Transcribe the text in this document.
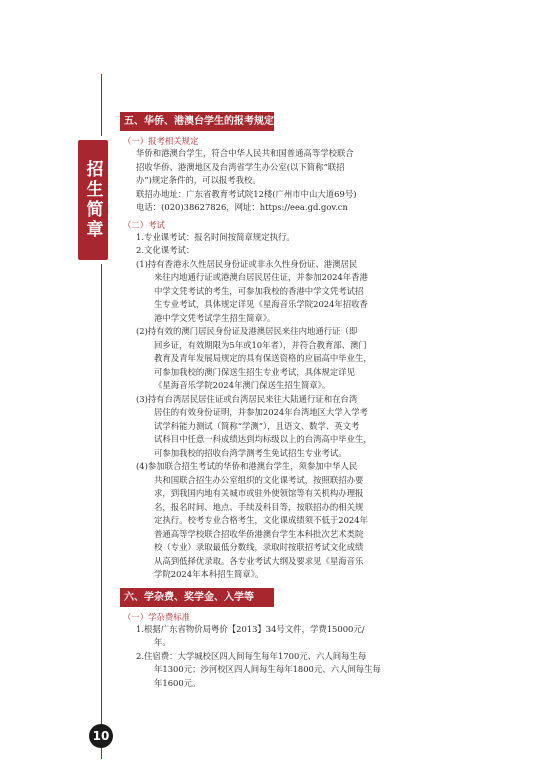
招生简章
五、华侨、港澳台学生的报考规定
（一）报考相关规定

华侨和港澳台学生，符合中华人民共和国普通高等学校联合

招收华侨、港澳地区及台湾省学生办公室(以下简称“联招

办”)规定条件的，可以报考我校。

联招办地址：广东省教育考试院12楼(广州市中山大道69号)

电话：(020)38627826，网址：https://eea.gd.gov.cn

（二）考试

1.专业课考试：报名时间按简章规定执行。

2.文化课考试：

(1)持有香港永久性居民身份证或非永久性身份证、港澳居民

来往内地通行证或港澳台居民居住证，并参加2024年香港

中学文凭考试的考生，可参加我校的香港中学文凭考试招

生专业考试，具体规定详见《星海音乐学院2024年招收香

港中学文凭考试学生招生简章》。

(2)持有效的澳门居民身份证及港澳居民来往内地通行证（即

回乡证，有效期限为5年或10年者），并符合教育部、澳门

教育及青年发展局规定的具有保送资格的应届高中毕业生，

可参加我校的澳门保送生招生专业考试，具体规定详见

《星海音乐学院2024年澳门保送生招生简章》。

(3)持有台湾居民居住证或台湾居民来往大陆通行证和在台湾

居住的有效身份证明，并参加2024年台湾地区大学入学考

试学科能力测试（简称“学测”），且语文、数学、英文考

试科目中任意一科成绩达到均标级以上的台湾高中毕业生，

可参加我校的招收台湾学测考生免试招生专业考试。

(4)参加联合招生考试的华侨和港澳台学生，须参加中华人民

共和国联合招生办公室组织的文化课考试，按照联招办要

求，到我国内地有关城市或驻外使领馆等有关机构办理报

名，报名时间、地点、手续及科目等，按联招办的相关规

定执行。校考专业合格考生，文化课成绩须不低于2024年

普通高等学校联合招收华侨港澳台学生本科批次艺术类院

校（专业）录取最低分数线，录取时按联招考试文化成绩

从高到低择优录取。各专业考试大纲及要求见《星海音乐

学院2024年本科招生简章》。

六、学杂费、奖学金、入学等
（一）学杂费标准

1.根据广东省物价局粤价【2013】34号文件，学费15000元/

年。

2.住宿费：大学城校区四人间每生每年1700元、六人间每生每

年1300元；沙河校区四人间每生每年1800元、六人间每生每

年1600元。

10
